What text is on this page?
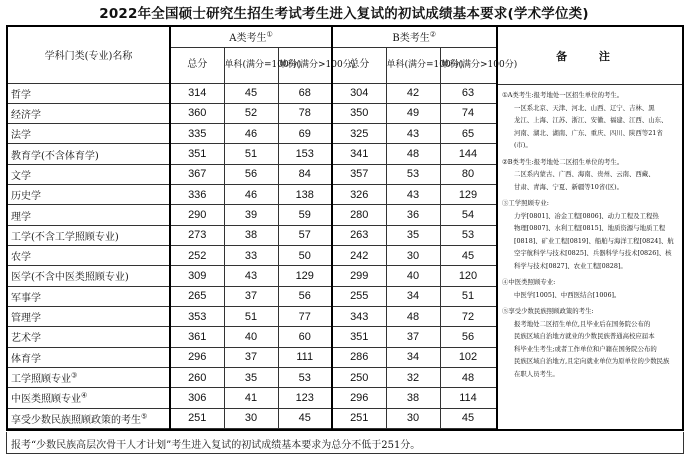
2022年全国硕士研究生招生考试考生进入复试的初试成绩基本要求(学术学位类)
学科门类(专业)名称	A类考生①			B类考生②
	总分	单科(满分=100分)	单科(满分>100分)	总分	单科(满分=100分)	单科(满分>100分)
哲学	314	45	68	304	42	63
经济学	360	52	78	350	49	74
法学	335	46	69	325	43	65
教育学(不含体育学)	351	51	153	341	48	144
文学	367	56	84	357	53	80
历史学	336	46	138	326	43	129
理学	290	39	59	280	36	54
工学(不含工学照顾专业)	273	38	57	263	35	53
农学	252	33	50	242	30	45
医学(不含中医类照顾专业)	309	43	129	299	40	120
军事学	265	37	56	255	34	51
管理学	353	51	77	343	48	72
艺术学	361	40	60	351	37	56
体育学	296	37	111	286	34	102
工学照顾专业③	260	35	53	250	32	48
中医类照顾专业④	306	41	123	296	38	114
享受少数民族照顾政策的考生⑤	251	30	45	251	30	45
备 注
①A类考生:报考地处一区招生单位的考生。
一区系北京、天津、河北、山西、辽宁、吉林、黑
龙江、上海、江苏、浙江、安徽、福建、江西、山东、
河南、湖北、湖南、广东、重庆、四川、陕西等21省
(市)。
②B类考生:报考地处二区招生单位的考生。
二区系内蒙古、广西、海南、贵州、云南、西藏、
甘肃、青海、宁夏、新疆等10省(区)。
③工学照顾专业:
力学[0801]、冶金工程[0806]、动力工程及工程热
物理[0807]、水利工程[0815]、地质资源与地质工程
[0818]、矿业工程[0819]、船舶与海洋工程[0824]、航
空宇航科学与技术[0825]、兵器科学与技术[0826]、核
科学与技术[0827]、农业工程[0828]。
④中医类照顾专业:
中医学[1005]、中西医结合[1006]。
⑤享受少数民族照顾政策的考生:
报考地处二区招生单位,且毕业后在国务院公布的
民族区域自治地方就业的少数民族普通高校应届本
科毕业生考生;或者工作单位和户籍在国务院公布的
民族区域自治地方,且定向就业单位为原单位的少数民族
在职人员考生。
报考“少数民族高层次骨干人才计划”考生进入复试的初试成绩基本要求为总分不低于251分。
